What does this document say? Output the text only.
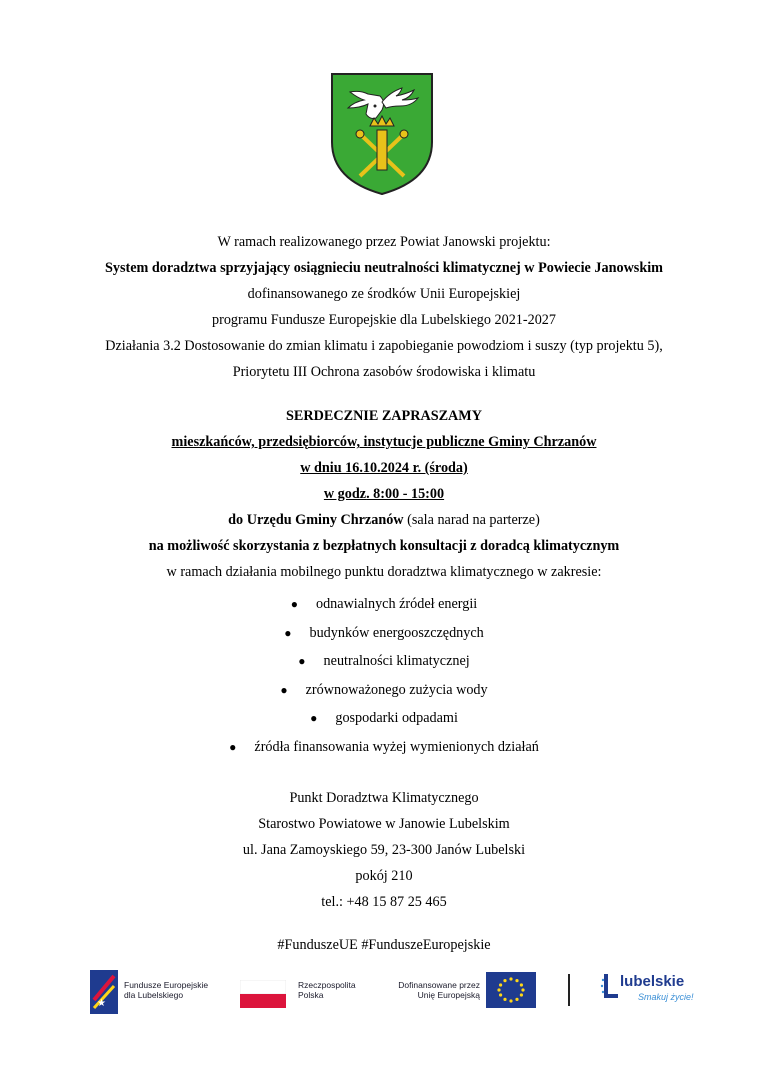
W ramach realizowanego przez Powiat Janowski projektu:
System doradztwa sprzyjający osiągnieciu neutralności klimatycznej w Powiecie Janowskim
dofinansowanego ze środków Unii Europejskiej
programu Fundusze Europejskie dla Lubelskiego 2021-2027
Działania 3.2 Dostosowanie do zmian klimatu i zapobieganie powodziom i suszy (typ projektu 5),
Priorytetu III Ochrona zasobów środowiska i klimatu
SERDECZNIE ZAPRASZAMY
mieszkańców, przedsiębiorców, instytucje publiczne Gminy Chrzanów
w dniu 16.10.2024 r. (środa)
w godz. 8:00 - 15:00
do Urzędu Gminy Chrzanów (sala narad na parterze)
na możliwość skorzystania z bezpłatnych konsultacji z doradcą klimatycznym
w ramach działania mobilnego punktu doradztwa klimatycznego w zakresie:
● odnawialnych źródeł energii
● budynków energooszczędnych
● neutralności klimatycznej
● zrównoważonego zużycia wody
● gospodarki odpadami
● źródła finansowania wyżej wymienionych działań
Punkt Doradztwa Klimatycznego
Starostwo Powiatowe w Janowie Lubelskim
ul. Jana Zamoyskiego 59, 23-300 Janów Lubelski
pokój 210
tel.: +48 15 87 25 465
#FunduszeUE #FunduszeEuropejskie
★
Fundusze Europejskie
dla Lubelskiego
Rzeczpospolita
Polska
Dofinansowane przez
Unię Europejską
lubelskie
Smakuj życie!
